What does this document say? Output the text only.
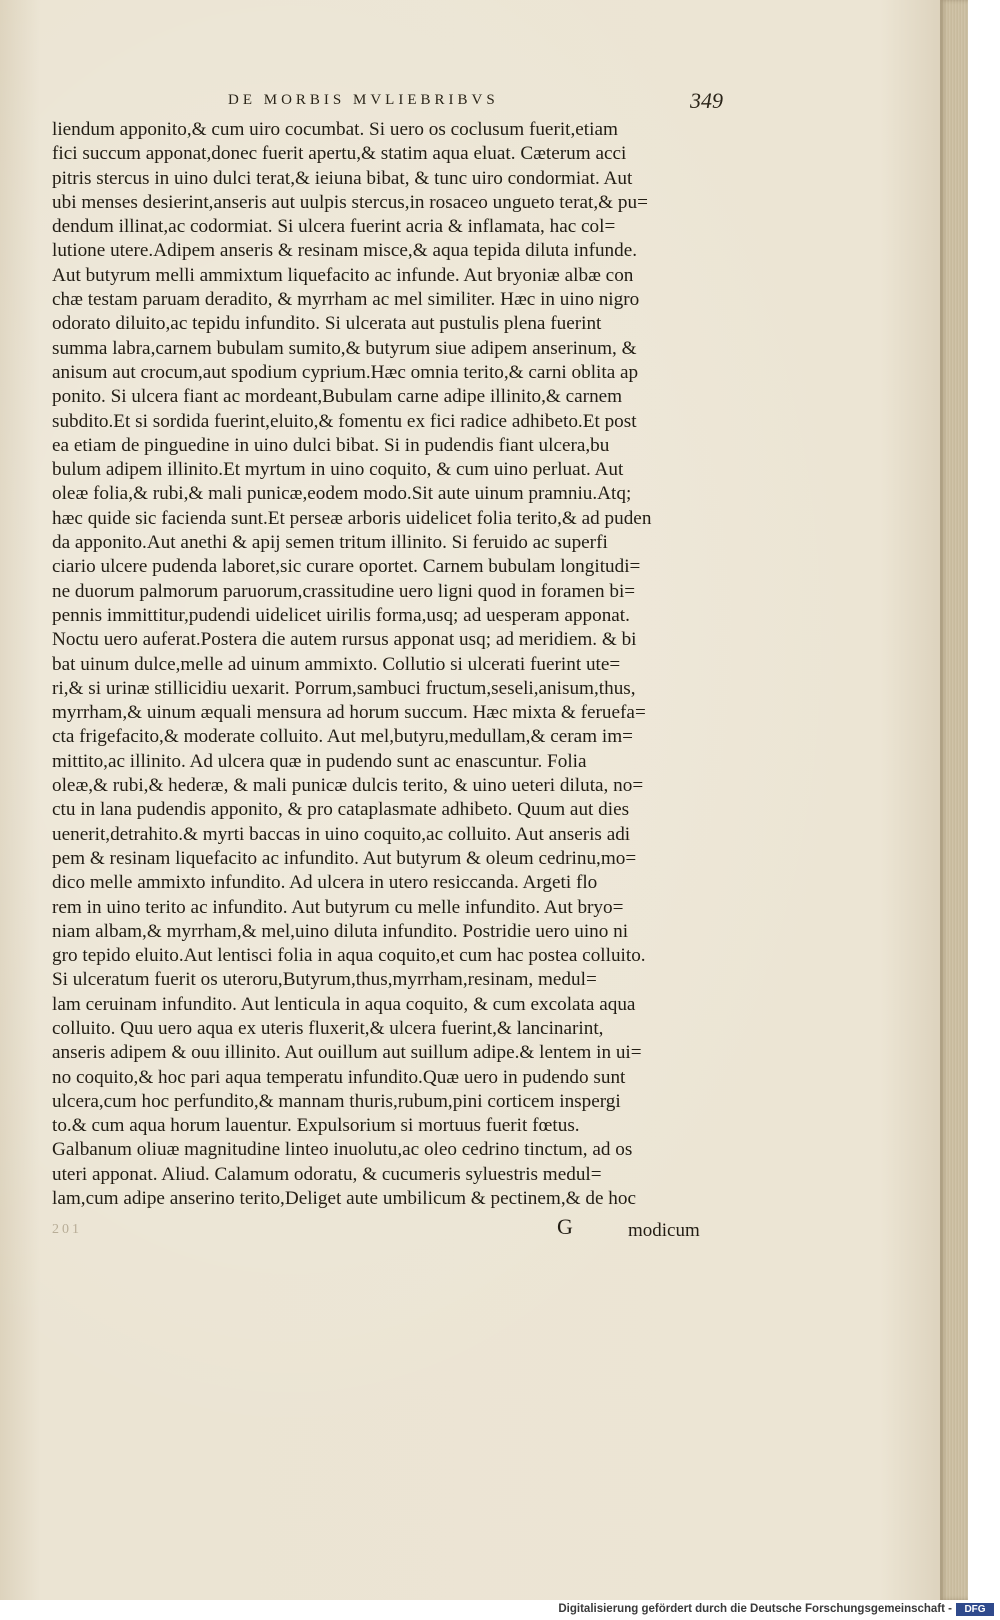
DE MORBIS MVLIEBRIBVS	349
liendum apponito,& cum uiro cocumbat. Si uero os coclusum fuerit,etiam
fici succum apponat,donec fuerit apertu,& statim aqua eluat. Cæterum acci
pitris stercus in uino dulci terat,& ieiuna bibat, & tunc uiro condormiat. Aut
ubi menses desierint,anseris aut uulpis stercus,in rosaceo ungueto terat,& pu=
dendum illinat,ac codormiat. Si ulcera fuerint acria & inflamata, hac col=
lutione utere.Adipem anseris & resinam misce,& aqua tepida diluta infunde.
Aut butyrum melli ammixtum liquefacito ac infunde. Aut bryoniæ albæ con
chæ testam paruam deradito, & myrrham ac mel similiter. Hæc in uino nigro
odorato diluito,ac tepidu infundito. Si ulcerata aut pustulis plena fuerint
summa labra,carnem bubulam sumito,& butyrum siue adipem anserinum, &
anisum aut crocum,aut spodium cyprium.Hæc omnia terito,& carni oblita ap
ponito. Si ulcera fiant ac mordeant,Bubulam carne adipe illinito,& carnem
subdito.Et si sordida fuerint,eluito,& fomentu ex fici radice adhibeto.Et post
ea etiam de pinguedine in uino dulci bibat. Si in pudendis fiant ulcera,bu
bulum adipem illinito.Et myrtum in uino coquito, & cum uino perluat. Aut
oleæ folia,& rubi,& mali punicæ,eodem modo.Sit aute uinum pramniu.Atq;
hæc quide sic facienda sunt.Et perseæ arboris uidelicet folia terito,& ad puden
da apponito.Aut anethi & apij semen tritum illinito. Si feruido ac superfi
ciario ulcere pudenda laboret,sic curare oportet. Carnem bubulam longitudi=
ne duorum palmorum paruorum,crassitudine uero ligni quod in foramen bi=
pennis immittitur,pudendi uidelicet uirilis forma,usq; ad uesperam apponat.
Noctu uero auferat.Postera die autem rursus apponat usq; ad meridiem. & bi
bat uinum dulce,melle ad uinum ammixto. Collutio si ulcerati fuerint ute=
ri,& si urinæ stillicidiu uexarit. Porrum,sambuci fructum,seseli,anisum,thus,
myrrham,& uinum æquali mensura ad horum succum. Hæc mixta & feruefa=
cta frigefacito,& moderate colluito. Aut mel,butyru,medullam,& ceram im=
mittito,ac illinito. Ad ulcera quæ in pudendo sunt ac enascuntur. Folia
oleæ,& rubi,& hederæ, & mali punicæ dulcis terito, & uino ueteri diluta, no=
ctu in lana pudendis apponito, & pro cataplasmate adhibeto. Quum aut dies
uenerit,detrahito.& myrti baccas in uino coquito,ac colluito. Aut anseris adi
pem & resinam liquefacito ac infundito. Aut butyrum & oleum cedrinu,mo=
dico melle ammixto infundito. Ad ulcera in utero resiccanda. Argeti flo
rem in uino terito ac infundito. Aut butyrum cu melle infundito. Aut bryo=
niam albam,& myrrham,& mel,uino diluta infundito. Postridie uero uino ni
gro tepido eluito.Aut lentisci folia in aqua coquito,et cum hac postea colluito.
Si ulceratum fuerit os uteroru,Butyrum,thus,myrrham,resinam, medul=
lam ceruinam infundito. Aut lenticula in aqua coquito, & cum excolata aqua
colluito. Quu uero aqua ex uteris fluxerit,& ulcera fuerint,& lancinarint,
anseris adipem & ouu illinito. Aut ouillum aut suillum adipe.& lentem in ui=
no coquito,& hoc pari aqua temperatu infundito.Quæ uero in pudendo sunt
ulcera,cum hoc perfundito,& mannam thuris,rubum,pini corticem inspergi
to.& cum aqua horum lauentur. Expulsorium si mortuus fuerit fœtus.
Galbanum oliuæ magnitudine linteo inuolutu,ac oleo cedrino tinctum, ad os
uteri apponat. Aliud. Calamum odoratu, & cucumeris syluestris medul=
lam,cum adipe anserino terito,Deliget aute umbilicum & pectinem,& de hoc
201	G	modicum
Digitalisierung gefördert durch die Deutsche Forschungsgemeinschaft -	DFG
